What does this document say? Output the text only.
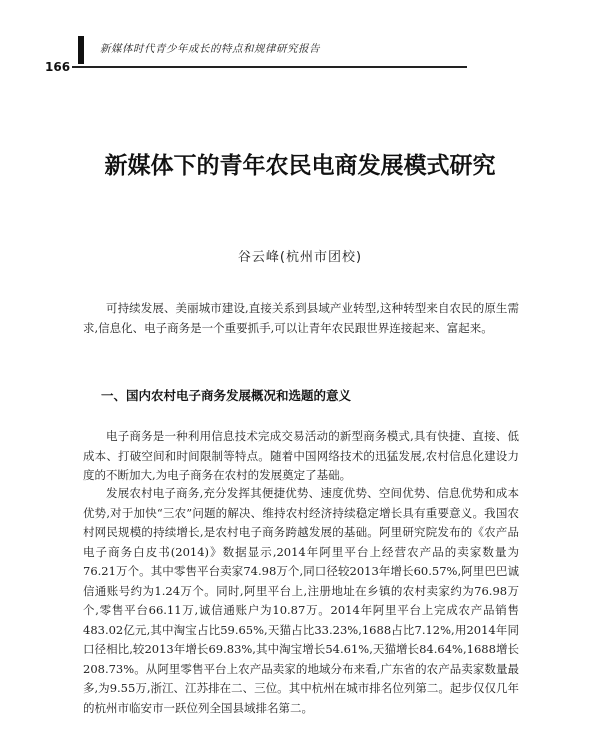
新媒体时代青少年成长的特点和规律研究报告
166
新媒体下的青年农民电商发展模式研究
谷云峰(杭州市团校)

可持续发展、美丽城市建设,直接关系到县域产业转型,这种转型来自农民的原生需求,信息化、电子商务是一个重要抓手,可以让青年农民跟世界连接起来、富起来。

一、国内农村电子商务发展概况和选题的意义

电子商务是一种利用信息技术完成交易活动的新型商务模式,具有快捷、直接、低成本、打破空间和时间限制等特点。随着中国网络技术的迅猛发展,农村信息化建设力度的不断加大,为电子商务在农村的发展奠定了基础。

发展农村电子商务,充分发挥其便捷优势、速度优势、空间优势、信息优势和成本优势,对于加快“三农”问题的解决、维持农村经济持续稳定增长具有重要意义。我国农村网民规模的持续增长,是农村电子商务跨越发展的基础。阿里研究院发布的《农产品电子商务白皮书(2014)》数据显示,2014年阿里平台上经营农产品的卖家数量为76.21万个。其中零售平台卖家74.98万个,同口径较2013年增长60.57%,阿里巴巴诚信通账号约为1.24万个。同时,阿里平台上,注册地址在乡镇的农村卖家约为76.98万个,零售平台66.11万,诚信通账户为10.87万。2014年阿里平台上完成农产品销售483.02亿元,其中淘宝占比59.65%,天猫占比33.23%,1688占比7.12%,用2014年同口径相比,较2013年增长69.83%,其中淘宝增长54.61%,天猫增长84.64%,1688增长208.73%。从阿里零售平台上农产品卖家的地域分布来看,广东省的农产品卖家数量最多,为9.55万,浙江、江苏排在二、三位。其中杭州在城市排名位列第二。起步仅仅几年的杭州市临安市一跃位列全国县域排名第二。
